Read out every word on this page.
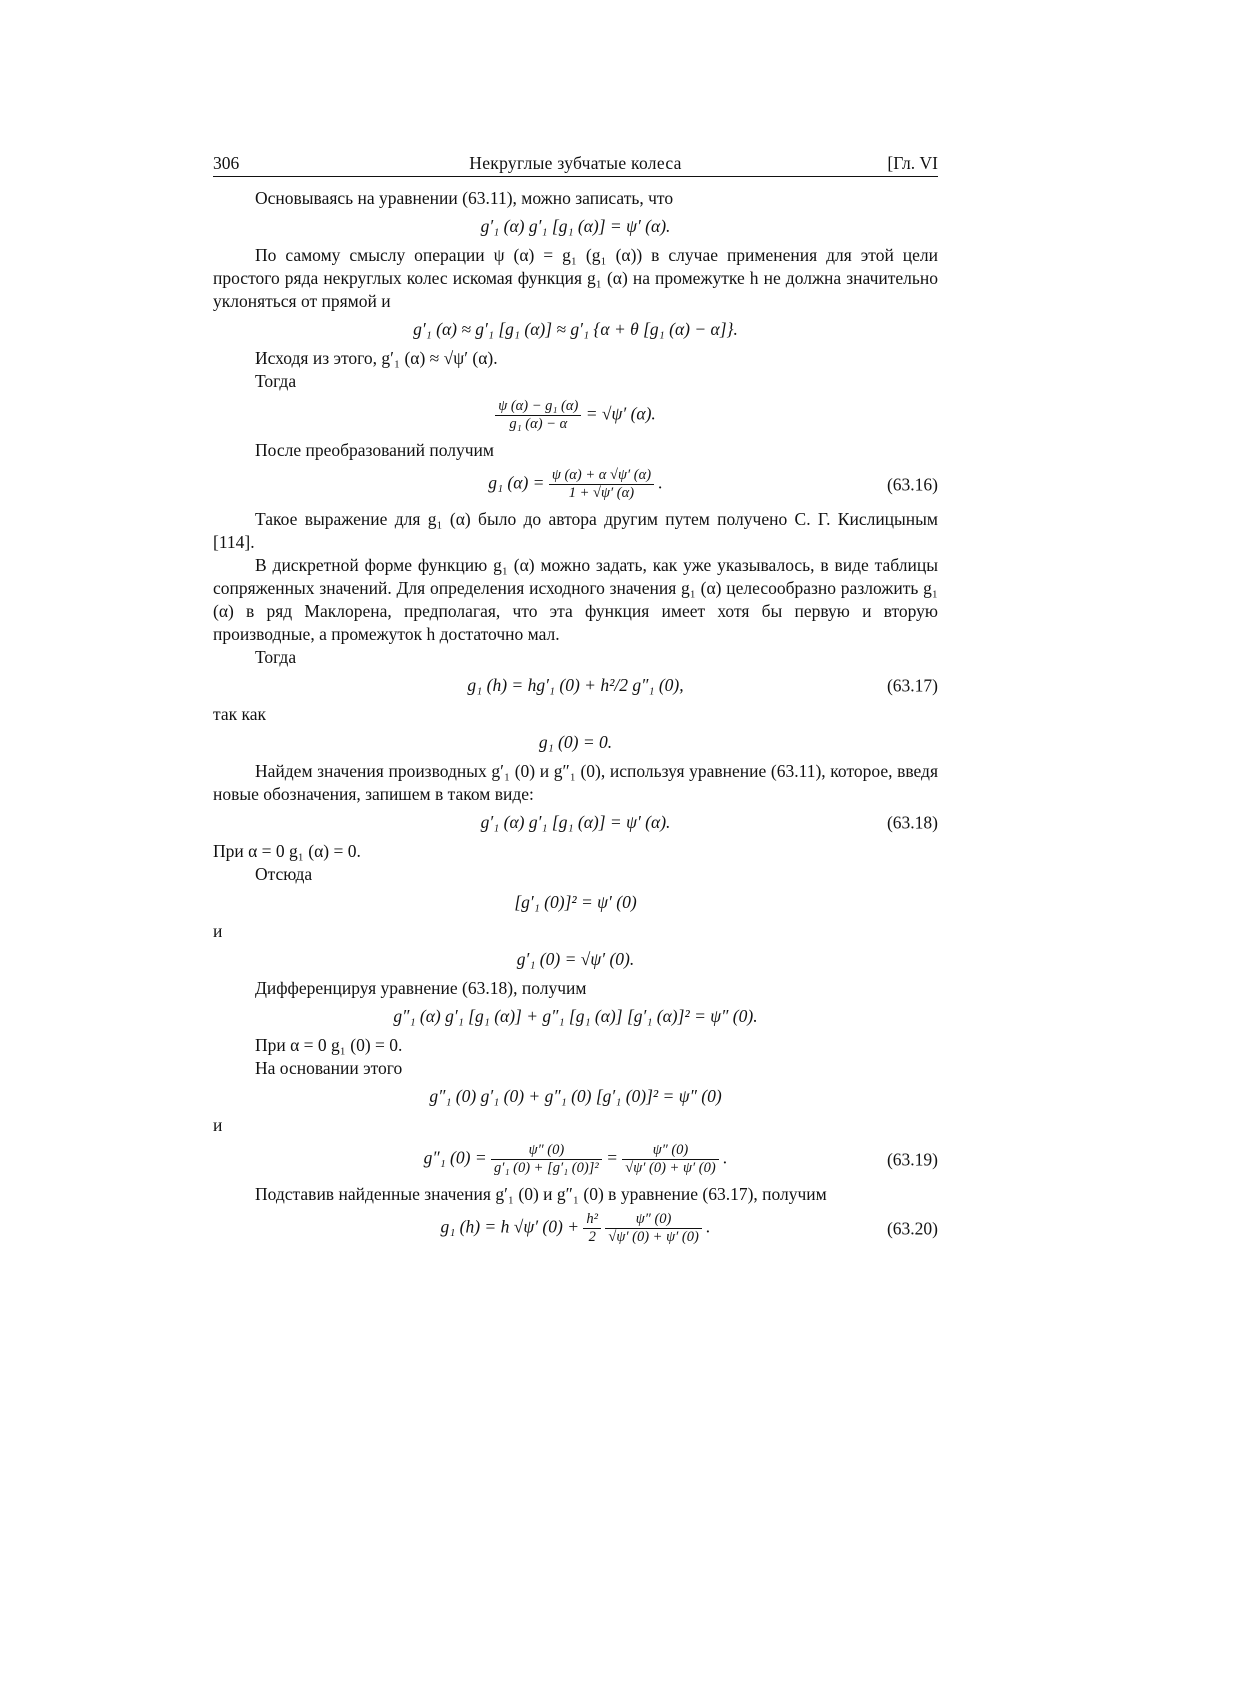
306	Некруглые зубчатые колеса	[Гл. VI

Основываясь на уравнении (63.11), можно записать, что

g′₁ (α) g′₁ [g₁ (α)] = ψ′ (α).

По самому смыслу операции ψ (α) = g₁ (g₁ (α)) в случае применения для этой цели простого ряда некруглых колес искомая функция g₁ (α) на промежутке h не должна значительно уклоняться от прямой и

g′₁ (α) ≈ g′₁ [g₁ (α)] ≈ g′₁ {α + θ [g₁ (α) − α]}.

Исходя из этого, g′₁ (α) ≈ √ψ′ (α).

Тогда

$\frac{\text{ψ (α) − g₁ (α)}}{\text{g₁ (α) − α}} = √\psi'$ (α).

После преобразований получим

g₁ $(\alpha) = \frac{\psi (\alpha) + \alpha √\psi' (\alpha)}{1 + √\psi' (\alpha)}$ .	(63.16)

Такое выражение для g₁ (α) было до автора другим путем получено С. Г. Кислицыным [114].

В дискретной форме функцию g₁ (α) можно задать, как уже указывалось, в виде таблицы сопряженных значений. Для определения исходного значения g₁ (α) целесообразно разложить g₁ (α) в ряд Маклорена, предполагая, что эта функция имеет хотя бы первую и вторую производные, а промежуток h достаточно мал.

Тогда

g₁ (h) = hg′₁ (0) + h²/2 g″₁ (0),	(63.17)

так как

g₁ (0) = 0.

Найдем значения производных g′₁ (0) и g″₁ (0), используя уравнение (63.11), которое, введя новые обозначения, запишем в таком виде:

g′₁ (α) g′₁ [g₁ (α)] = ψ′ (α).	(63.18)

При α = 0 g₁ (α) = 0.

Отсюда

[g′₁ (0)]² = ψ′ (0)

и

g′₁ (0) = √ψ′ (0).

Дифференцируя уравнение (63.18), получим

g″₁ (α) g′₁ [g₁ (α)] + g″₁ [g₁ (α)] [g′₁ (α)]² = ψ″ (0).

При α = 0 g₁ (0) = 0.

На основании этого

g″₁ (0) g′₁ (0) + g″₁ (0) [g′₁ (0)]² = ψ″ (0)

и

g″₁ $(0) = \frac{\psi'' (0)}{\text{g′₁ (0) + [g′₁ (0)]²}} = \frac{\psi'' (0)}{√\psi' (0) + \psi' (0)}$ .	(63.19)

Подставив найденные значения g′₁ (0) и g″₁ (0) в уравнение (63.17), получим

g₁ (h) = h √ψ′ $(0) + \frac{\text{h²}}{2}$
$\frac{\psi'' (0)}{√\psi' (0) + \psi' (0)}$ .	(63.20)
